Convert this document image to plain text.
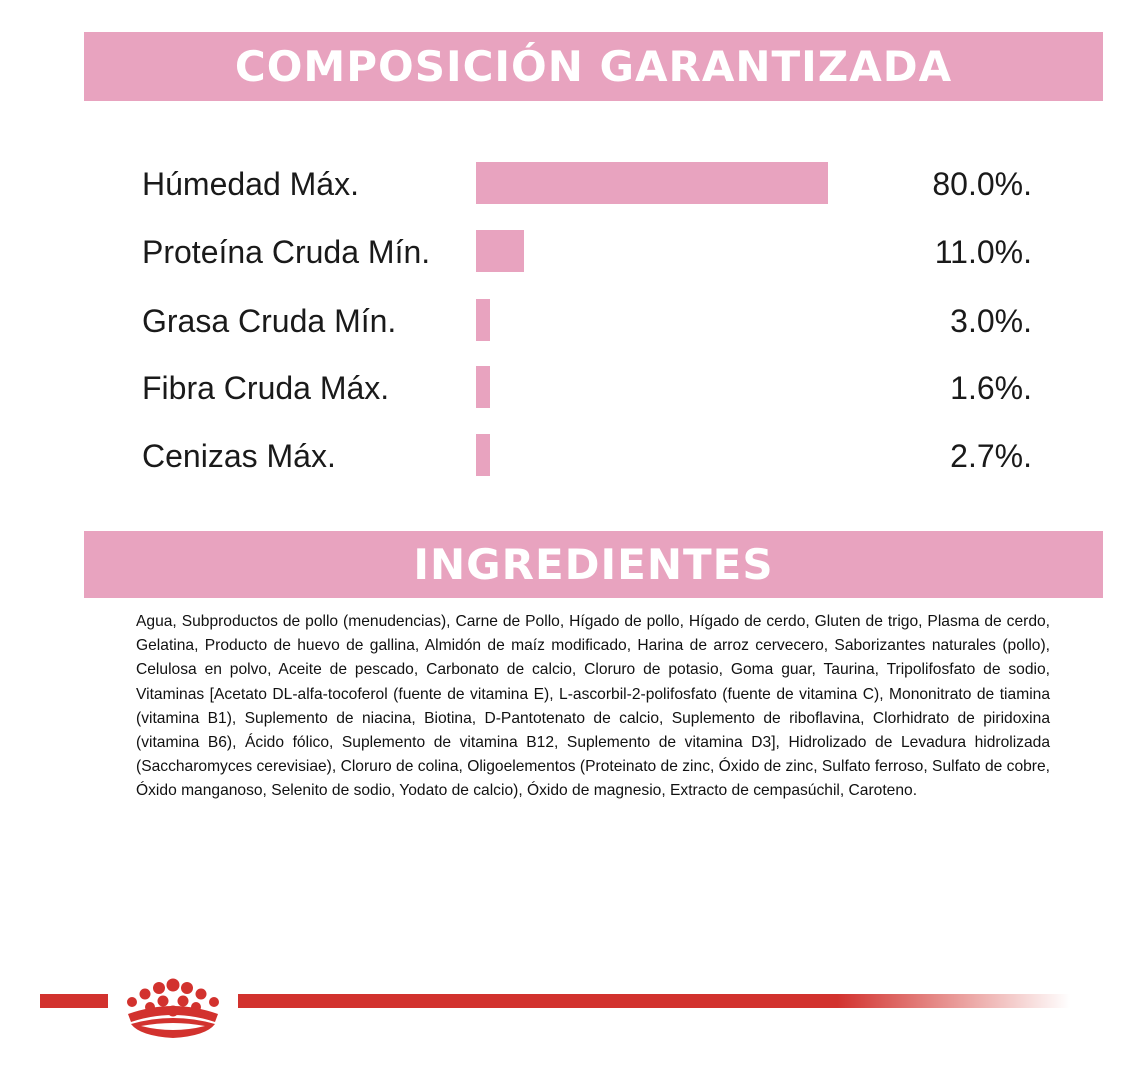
COMPOSICIÓN GARANTIZADA
Húmedad Máx.	80.0%.
Proteína Cruda Mín.	11.0%.
Grasa Cruda Mín.	3.0%.
Fibra Cruda Máx.	1.6%.
Cenizas Máx.	2.7%.
INGREDIENTES

Agua, Subproductos de pollo (menudencias), Carne de Pollo, Hígado de pollo, Hígado de cerdo, Gluten de trigo, Plasma de cerdo, Gelatina, Producto de huevo de gallina, Almidón de maíz modificado, Harina de arroz cervecero, Saborizantes naturales (pollo), Celulosa en polvo, Aceite de pescado, Carbonato de calcio, Cloruro de potasio, Goma guar, Taurina, Tripolifosfato de sodio, Vitaminas [Acetato DL-alfa-tocoferol (fuente de vitamina E), L-ascorbil-2-polifosfato (fuente de vitamina C), Mononitrato de tiamina (vitamina B1), Suplemento de niacina, Biotina, D-Pantotenato de calcio, Suplemento de riboflavina, Clorhidrato de piridoxina (vitamina B6), Ácido fólico, Suplemento de vitamina B12, Suplemento de vitamina D3], Hidrolizado de Levadura hidrolizada (Saccharomyces cerevisiae), Cloruro de colina, Oligoelementos (Proteinato de zinc, Óxido de zinc, Sulfato ferroso, Sulfato de cobre, Óxido manganoso, Selenito de sodio, Yodato de calcio), Óxido de magnesio, Extracto de cempasúchil, Caroteno.
